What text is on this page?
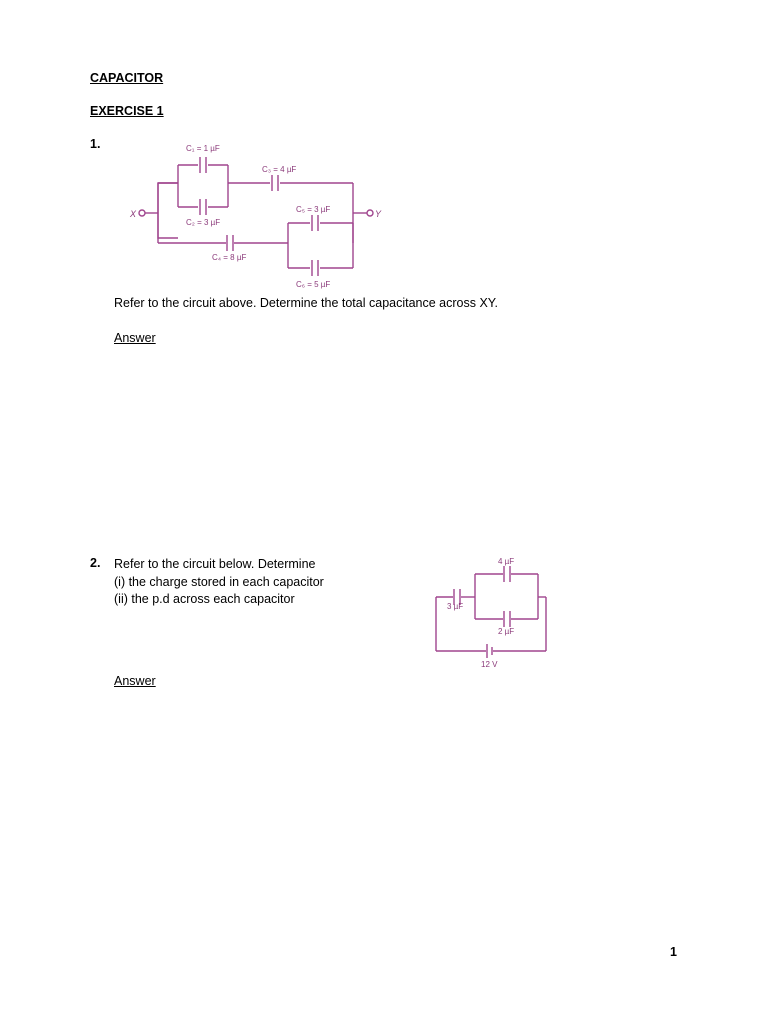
CAPACITOR
EXERCISE 1
1.
X	Y
C₁ = 1 µF
C₂ = 3 µF
C₃ = 4 µF
C₄ = 8 µF
C₅ = 3 µF
C₆ = 5 µF
Refer to the circuit above. Determine the total capacitance across XY.
Answer
2. Refer to the circuit below. Determine

(i) the charge stored in each capacitor

(ii) the p.d across each capacitor

4 µF
3 µF
2 µF
12 V
Answer
1
